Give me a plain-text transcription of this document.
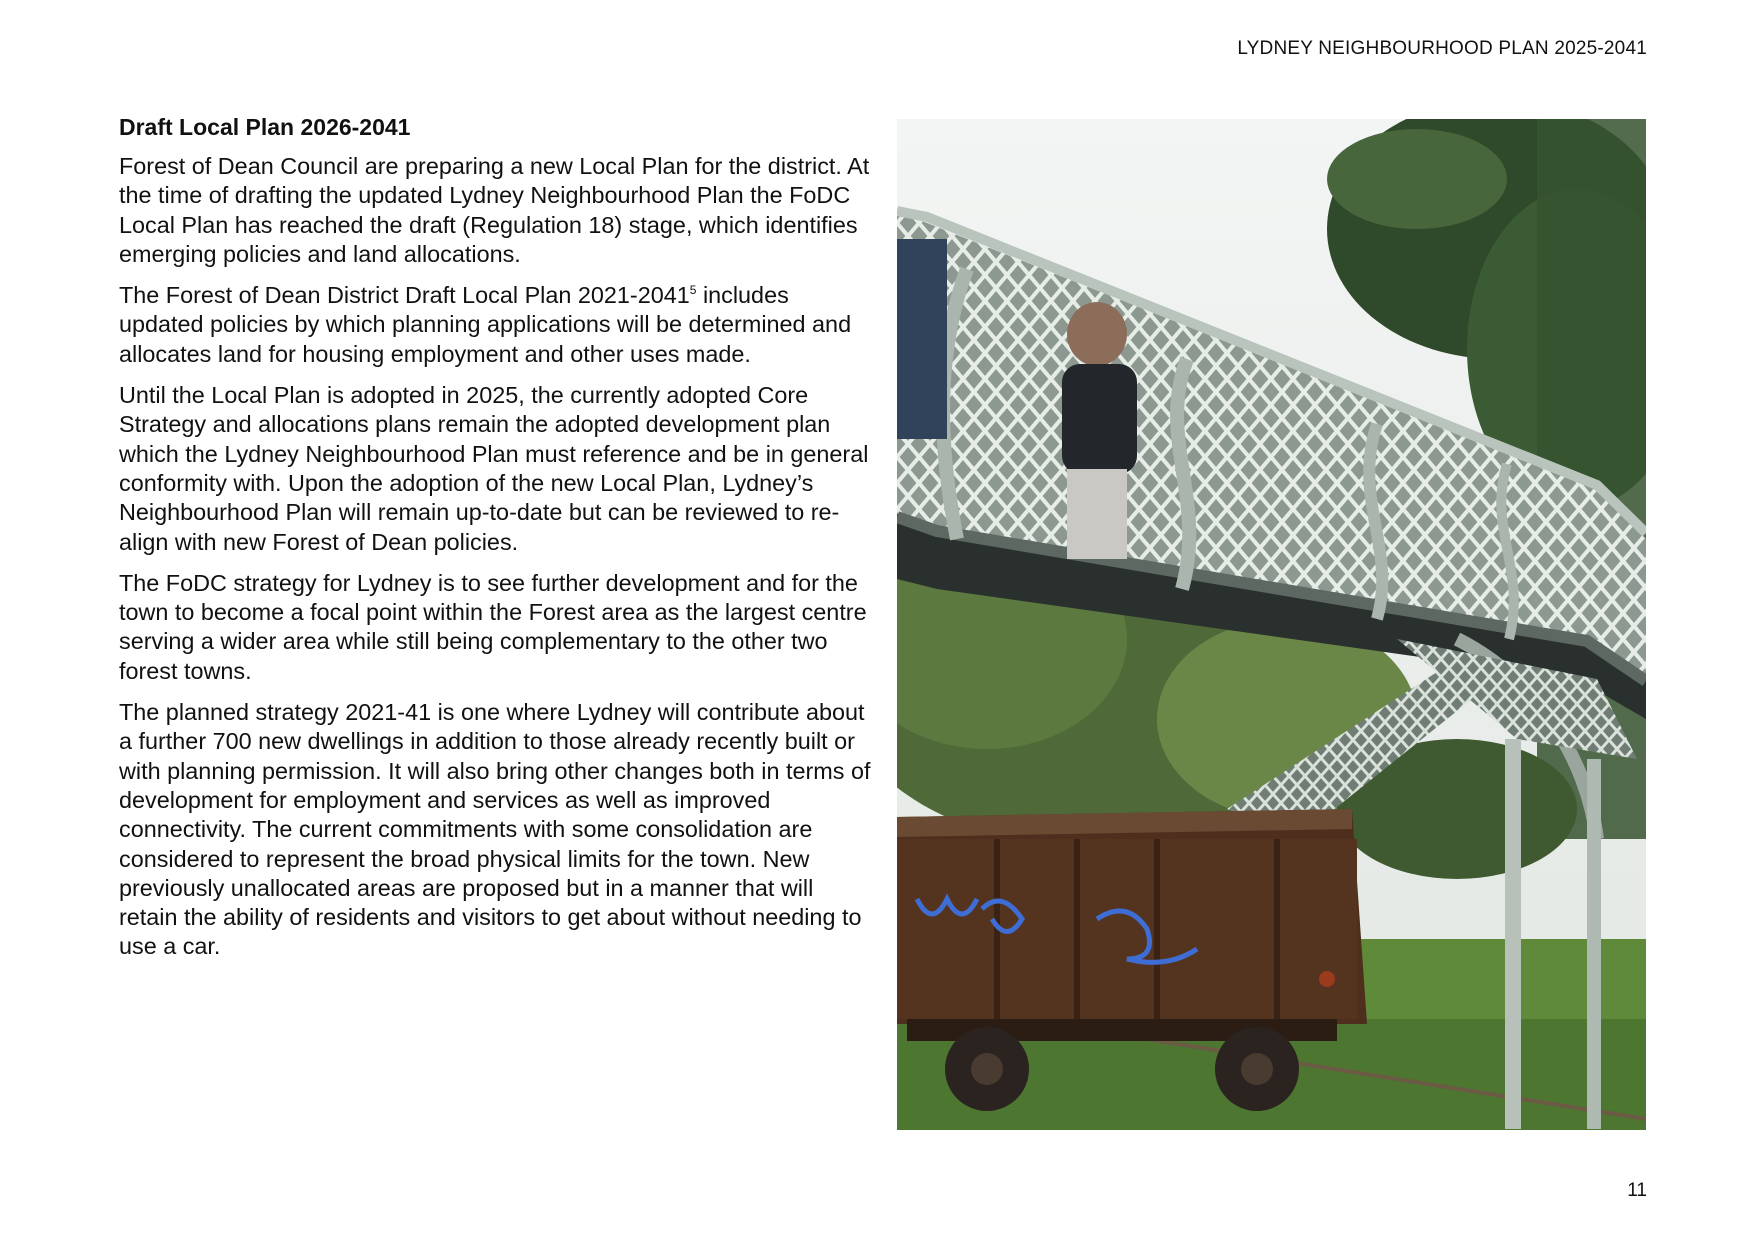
LYDNEY NEIGHBOURHOOD PLAN 2025-2041
Draft Local Plan 2026-2041

Forest of Dean Council are preparing a new Local Plan for the district. At the time of drafting the updated Lydney Neighbourhood Plan the FoDC Local Plan has reached the draft (Regulation 18) stage, which identifies emerging policies and land allocations.

The Forest of Dean District Draft Local Plan 2021-2041$^5$ includes updated policies by which planning applications will be determined and allocates land for housing employment and other uses made.

Until the Local Plan is adopted in 2025, the currently adopted Core Strategy and allocations plans remain the adopted development plan which the Lydney Neighbourhood Plan must reference and be in general conformity with. Upon the adoption of the new Local Plan, Lydney’s Neighbourhood Plan will remain up-to-date but can be reviewed to re-align with new Forest of Dean policies.

The FoDC strategy for Lydney is to see further development and for the town to become a focal point within the Forest area as the largest centre serving a wider area while still being complementary to the other two forest towns.

The planned strategy 2021-41 is one where Lydney will contribute about a further 700 new dwellings in addition to those already recently built or with planning permission. It will also bring other changes both in terms of development for employment and services as well as improved connectivity. The current commitments with some consolidation are considered to represent the broad physical limits for the town. New previously unallocated areas are proposed but in a manner that will retain the ability of residents and visitors to get about without needing to use a car.

11
